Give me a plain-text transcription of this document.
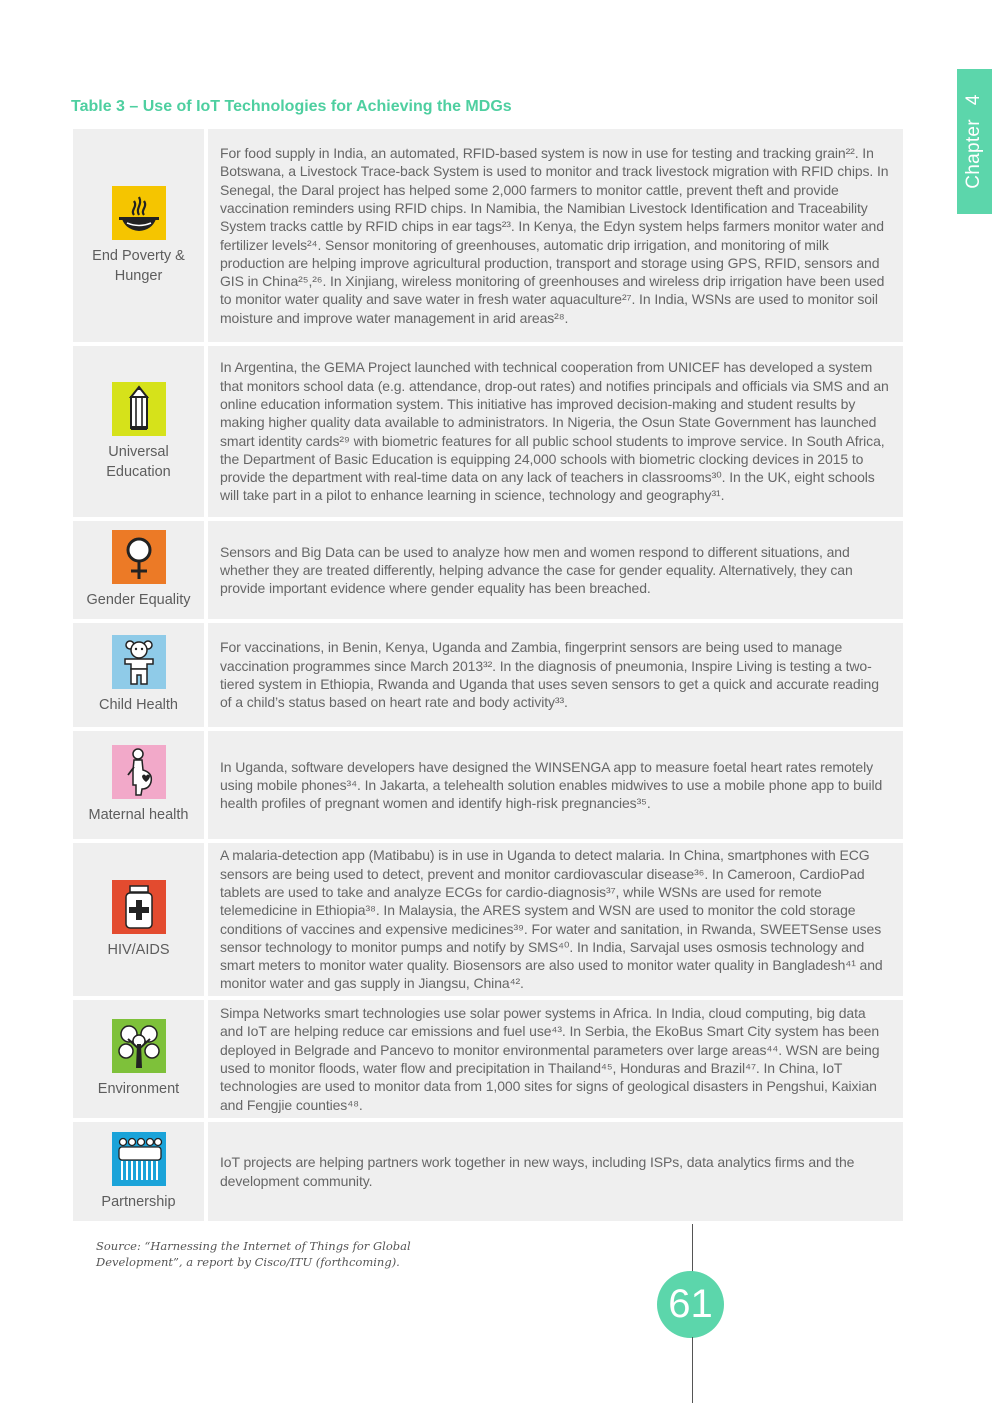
Chapter
4
Table 3 – Use of IoT Technologies for Achieving the MDGs
End Poverty & Hunger
For food supply in India, an automated, RFID-based system is now in use for testing and tracking grain²². In Botswana, a Livestock Trace-back System is used to monitor and track livestock migration with RFID chips. In Senegal, the Daral project has helped some 2,000 farmers to monitor cattle, prevent theft and provide vaccination reminders using RFID chips. In Namibia, the Namibian Livestock Identification and Traceability System tracks cattle by RFID chips in ear tags²³. In Kenya, the Edyn system helps farmers monitor water and fertilizer levels²⁴. Sensor monitoring of greenhouses, automatic drip irrigation, and monitoring of milk production are helping improve agricultural production, transport and storage using GPS, RFID, sensors and GIS in China²⁵,²⁶. In Xinjiang, wireless monitoring of greenhouses and wireless drip irrigation have been used to monitor water quality and save water in fresh water aquaculture²⁷. In India, WSNs are used to monitor soil moisture and improve water management in arid areas²⁸.
Universal Education
In Argentina, the GEMA Project launched with technical cooperation from UNICEF has developed a system that monitors school data (e.g. attendance, drop-out rates) and notifies principals and officials via SMS and an online education information system. This initiative has improved decision-making and student results by making higher quality data available to administrators. In Nigeria, the Osun State Government has launched smart identity cards²⁹ with biometric features for all public school students to improve service. In South Africa, the Department of Basic Education is equipping 24,000 schools with biometric clocking devices in 2015 to provide the department with real-time data on any lack of teachers in classrooms³⁰. In the UK, eight schools will take part in a pilot to enhance learning in science, technology and geography³¹.
Gender Equality
Sensors and Big Data can be used to analyze how men and women respond to different situations, and whether they are treated differently, helping advance the case for gender equality. Alternatively, they can provide important evidence where gender equality has been breached.
Child Health
For vaccinations, in Benin, Kenya, Uganda and Zambia, fingerprint sensors are being used to manage vaccination programmes since March 2013³². In the diagnosis of pneumonia, Inspire Living is testing a two-tiered system in Ethiopia, Rwanda and Uganda that uses seven sensors to get a quick and accurate reading of a child’s status based on heart rate and body activity³³.
Maternal health
In Uganda, software developers have designed the WINSENGA app to measure foetal heart rates remotely using mobile phones³⁴. In Jakarta, a telehealth solution enables midwives to use a mobile phone app to build health profiles of pregnant women and identify high-risk pregnancies³⁵.
HIV/AIDS
A malaria-detection app (Matibabu) is in use in Uganda to detect malaria. In China, smartphones with ECG sensors are being used to detect, prevent and monitor cardiovascular disease³⁶. In Cameroon, CardioPad tablets are used to take and analyze ECGs for cardio-diagnosis³⁷, while WSNs are used for remote telemedicine in Ethiopia³⁸. In Malaysia, the ARES system and WSN are used to monitor the cold storage conditions of vaccines and expensive medicines³⁹. For water and sanitation, in Rwanda, SWEETSense uses sensor technology to monitor pumps and notify by SMS⁴⁰. In India, Sarvajal uses osmosis technology and smart meters to monitor water quality. Biosensors are also used to monitor water quality in Bangladesh⁴¹ and monitor water and gas supply in Jiangsu, China⁴².
Environment
Simpa Networks smart technologies use solar power systems in Africa. In India, cloud computing, big data and IoT are helping reduce car emissions and fuel use⁴³. In Serbia, the EkoBus Smart City system has been deployed in Belgrade and Pancevo to monitor environmental parameters over large areas⁴⁴. WSN are being used to monitor floods, water flow and precipitation in Thailand⁴⁵, Honduras and Brazil⁴⁷. In China, IoT technologies are used to monitor data from 1,000 sites for signs of geological disasters in Pengshui, Kaixian and Fengjie counties⁴⁸.
Partnership
IoT projects are helping partners work together in new ways, including ISPs, data analytics firms and the development community.
Source: “Harnessing the Internet of Things for Global Development”, a report by Cisco/ITU (forthcoming).
61
